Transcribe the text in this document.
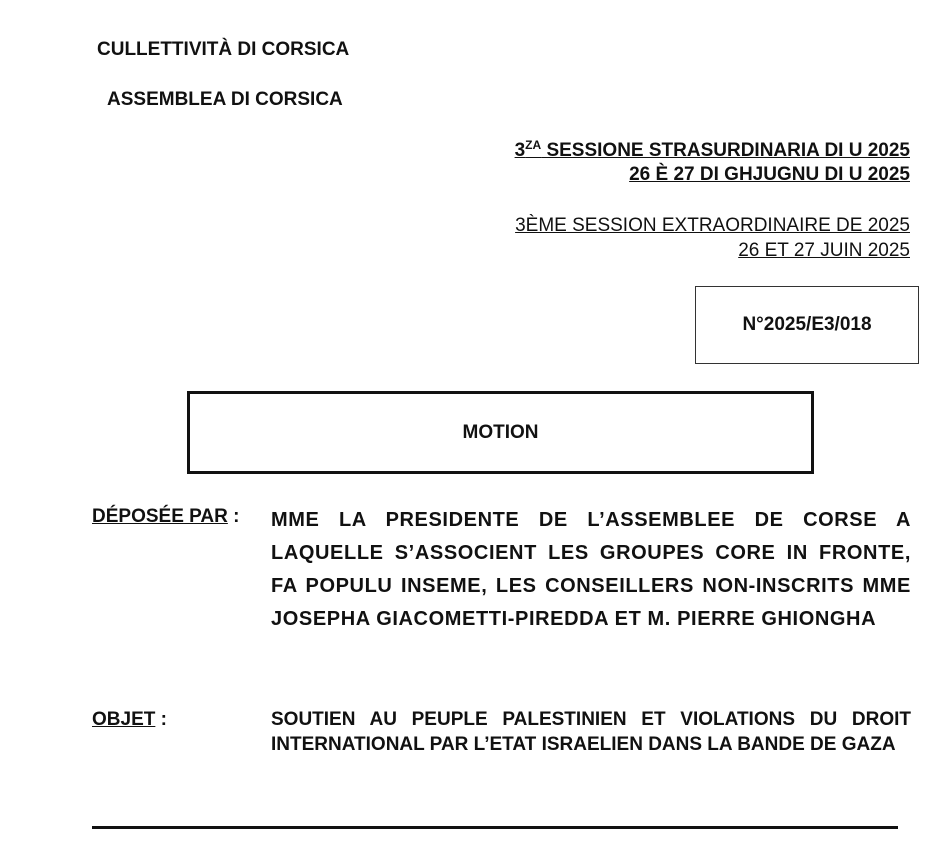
CULLETTIVITÀ DI CORSICA
ASSEMBLEA DI CORSICA
$3^{ZA}$ SESSIONE STRASURDINARIA DI U 2025
26 È 27 DI GHJUGNU DI U 2025
3ÈME SESSION EXTRAORDINAIRE DE 2025
26 ET 27 JUIN 2025
N°2025/E3/018
MOTION
DÉPOSÉE PAR : MME LA PRESIDENTE DE L’ASSEMBLEE DE CORSE A LAQUELLE S’ASSOCIENT LES GROUPES CORE IN FRONTE, FA POPULU INSEME, LES CONSEILLERS NON-INSCRITS MME JOSEPHA GIACOMETTI-PIREDDA ET M. PIERRE GHIONGHA
OBJET :	SOUTIEN AU PEUPLE PALESTINIEN ET VIOLATIONS DU DROIT INTERNATIONAL PAR L’ETAT ISRAELIEN DANS LA BANDE DE GAZA
